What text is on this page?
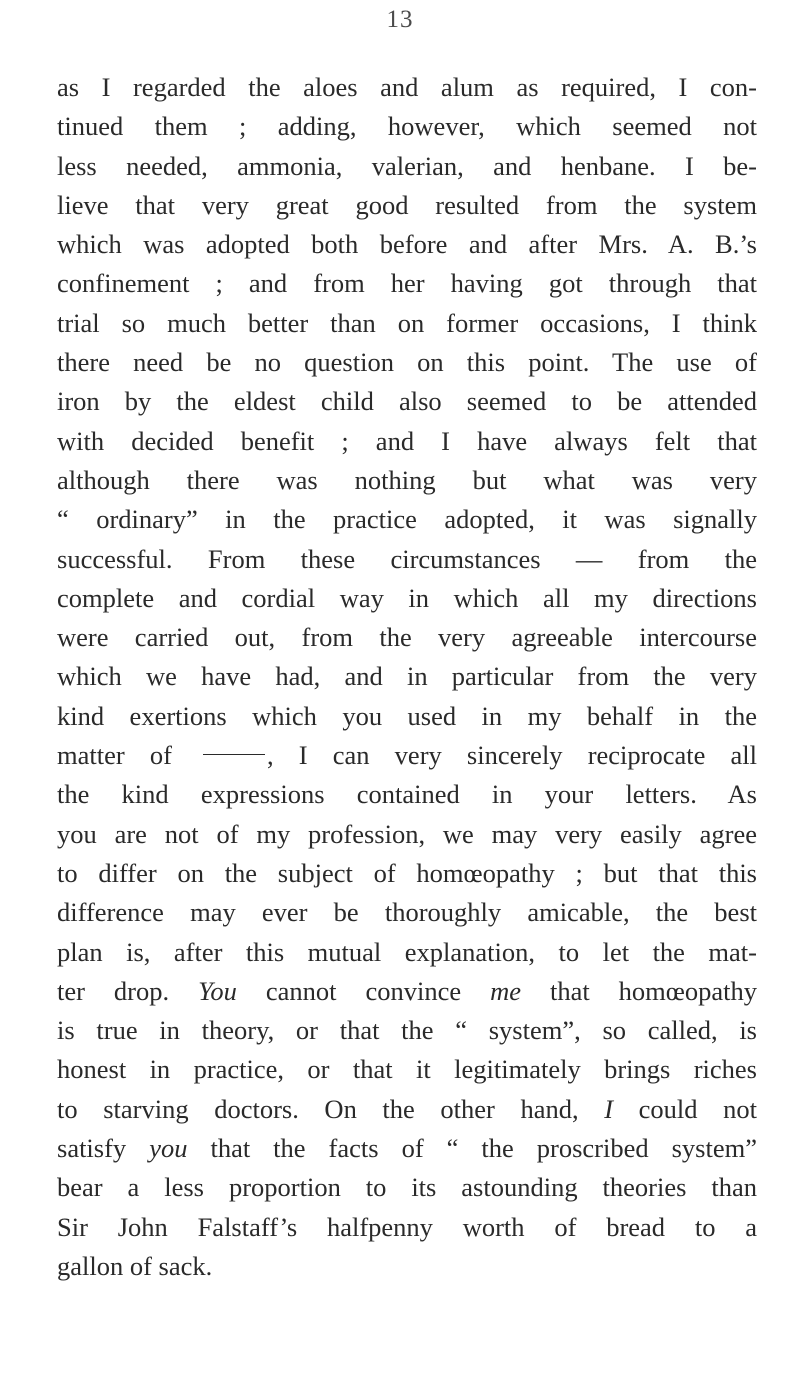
13
as I regarded the aloes and alum as required, I con-
tinued them ; adding, however, which seemed not
less needed, ammonia, valerian, and henbane. I be-
lieve that very great good resulted from the system
which was adopted both before and after Mrs. A. B.’s
confinement ; and from her having got through that
trial so much better than on former occasions, I think
there need be no question on this point. The use of
iron by the eldest child also seemed to be attended
with decided benefit ; and I have always felt that
although there was nothing but what was very
“ ordinary” in the practice adopted, it was signally
successful. From these circumstances — from the
complete and cordial way in which all my directions
were carried out, from the very agreeable intercourse
which we have had, and in particular from the very
kind exertions which you used in my behalf in the
matter of	, I can very sincerely reciprocate all
the kind expressions contained in your letters. As
you are not of my profession, we may very easily agree
to differ on the subject of homœopathy ; but that this
difference may ever be thoroughly amicable, the best
plan is, after this mutual explanation, to let the mat-
ter drop. You cannot convince me that homœopathy
is true in theory, or that the “ system”, so called, is
honest in practice, or that it legitimately brings riches
to starving doctors. On the other hand, I could not
satisfy you that the facts of “ the proscribed system”
bear a less proportion to its astounding theories than
Sir John Falstaff’s halfpenny worth of bread to a
gallon of sack.
